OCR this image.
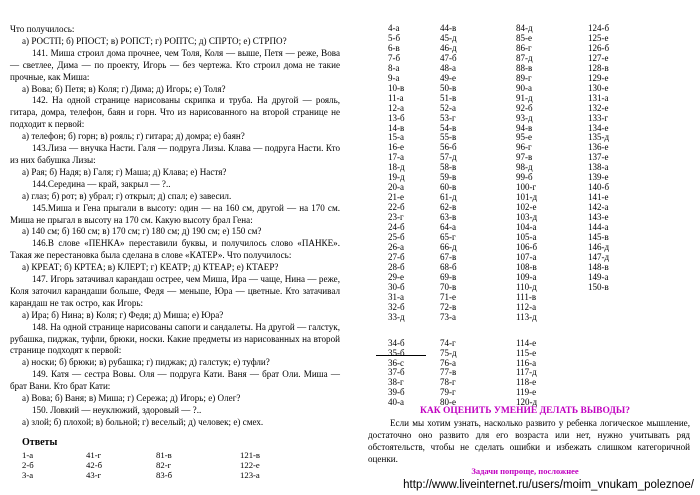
Что получилось:

а) РОСТП; б) РПОСТ; в) РОПСТ; г) РОПТС; д) СПРТО; е) СТРПО?

141. Миша строил дома прочнее, чем Толя, Коля — выше, Петя — реже, Вова — светлее, Дима — по проекту, Игорь — без чертежа. Кто строил дома не такие прочные, как Миша:

а) Вова; б) Петя; в) Коля; г) Дима; д) Игорь; е) Толя?

142. На одной странице нарисованы скрипка и труба. На другой — рояль, гитара, домра, телефон, баян и горн. Что из нарисованного на второй странице не подходит к первой:

а) телефон; б) горн; в) рояль; г) гитара; д) домра; е) баян?

143.Лиза — внучка Насти. Галя — подруга Лизы. Клава — подруга Насти. Кто из них бабушка Лизы:

а) Рая; б) Надя; в) Галя; г) Маша; д) Клава; е) Настя?

144.Середина — край, закрыл — ?..

а) глаз; б) рот; в) убрал; г) открыл; д) спал; е) завесил.

145.Миша и Гена прыгали в высоту: один — на 160 см, другой — на 170 см. Миша не прыгал в высоту на 170 см. Какую высоту брал Гена:

а) 140 см; б) 160 см; в) 170 см; г) 180 см; д) 190 см; е) 150 см?

146.В слове «ПЕНКА» переставили буквы, и получилось слово «ПАНКЕ». Такая же перестановка была сделана в слове «КАТЕР». Что получилось:

а) КРЕАТ; б) КРТЕА; в) КЛЕРТ; г) КЕАТР; д) КТЕАР; е) КТАЕР?

147. Игорь затачивал карандаш острее, чем Миша, Ира — чаще, Нина — реже, Коля заточил карандаши больше, Федя — меньше, Юра — цветные. Кто затачивал карандаш не так остро, как Игорь:

а) Ира; б) Нина; в) Коля; г) Федя; д) Миша; е) Юра?

148. На одной странице нарисованы сапоги и сандалеты. На другой — галстук, рубашка, пиджак, туфли, брюки, носки. Какие предметы из нарисованных на второй странице подходят к первой:

а) носки; б) брюки; в) рубашка; г) пиджак; д) галстук; е) туфли?

149. Катя — сестра Вовы. Оля — подруга Кати. Ваня — брат Оли. Миша — брат Вани. Кто брат Кати:

а) Вова; б) Ваня; в) Миша; г) Сережа; д) Игорь; е) Олег?

150. Ловкий — неуклюжий, здоровый — ?..

а) злой; б) плохой; в) больной; г) веселый; д) человек; е) смех.

Ответы
1-а	41-г	81-в	121-в
2-б	42-б	82-г	122-е
3-а	43-г	83-б	123-а
4-а	44-в	84-д	124-б
5-б	45-д	85-е	125-е
6-в	46-д	86-г	126-б
7-б	47-б	87-д	127-е
8-а	48-а	88-в	128-в
9-а	49-е	89-г	129-е
10-в	50-в	90-а	130-е
11-а	51-в	91-д	131-а
12-а	52-а	92-б	132-е
13-б	53-г	93-д	133-г
14-в	54-в	94-в	134-е
15-а	55-в	95-е	135-д
16-е	56-б	96-г	136-е
17-а	57-д	97-в	137-е
18-д	58-в	98-д	138-а
19-д	59-в	99-б	139-е
20-а	60-в	100-г	140-б
21-е	61-д	101-д	141-е
22-б	62-в	102-е	142-а
23-г	63-в	103-д	143-е
24-б	64-а	104-а	144-а
25-б	65-г	105-а	145-в
26-а	66-д	106-б	146-д
27-б	67-в	107-а	147-д
28-б	68-б	108-в	148-в
29-е	69-в	109-а	149-а
30-б	70-в	110-д	150-в
31-а	71-е	111-в	
32-б	72-в	112-а	
33-д	73-а	113-д	

34-б	74-г	114-е	
35-б	75-д	115-е	
36-с	76-а	116-а	
37-б	77-в	117-д	
38-г	78-г	118-е	
39-б	79-г	119-е	
40-а	80-е	120-д	
КАК ОЦЕНИТЬ УМЕНИЕ ДЕЛАТЬ ВЫВОДЫ?

Если мы хотим узнать, насколько развито у ребенка логическое мышление, достаточно оно развито для его возраста или нет, нужно учитывать ряд обстоятельств, чтобы не сделать ошибки и избежать слишком категоричной оценки.

Задачи попроще, посложнее
http://www.liveinternet.ru/users/moim_vnukam_poleznoe/
